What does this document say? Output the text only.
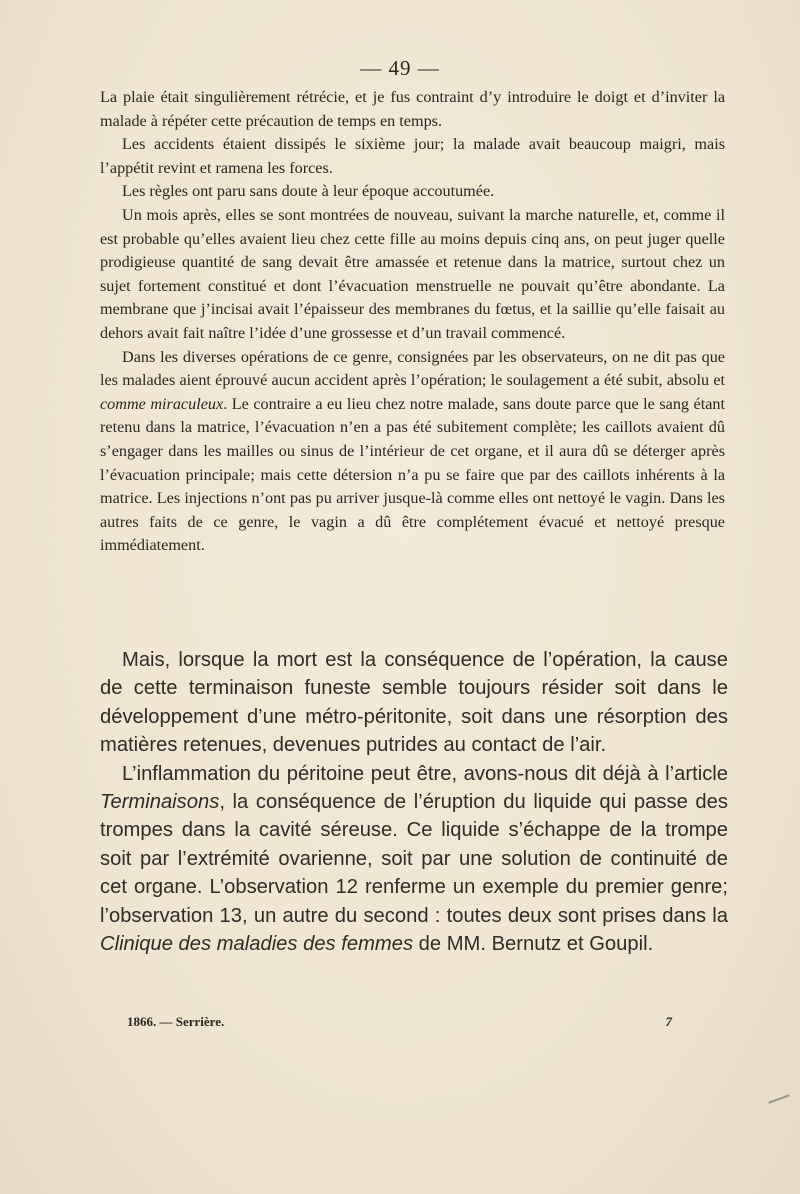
— 49 —

La plaie était singulièrement rétrécie, et je fus contraint d’y introduire le doigt et d’inviter la malade à répéter cette précaution de temps en temps.

Les accidents étaient dissipés le sixième jour; la malade avait beaucoup maigri, mais l’appétit revint et ramena les forces.

Les règles ont paru sans doute à leur époque accoutumée.

Un mois après, elles se sont montrées de nouveau, suivant la marche naturelle, et, comme il est probable qu’elles avaient lieu chez cette fille au moins depuis cinq ans, on peut juger quelle prodigieuse quantité de sang devait être amassée et retenue dans la matrice, surtout chez un sujet fortement constitué et dont l’évacuation menstruelle ne pouvait qu’être abondante. La membrane que j’incisai avait l’épaisseur des membranes du fœtus, et la saillie qu’elle faisait au dehors avait fait naître l’idée d’une grossesse et d’un travail commencé.

Dans les diverses opérations de ce genre, consignées par les observateurs, on ne dit pas que les malades aient éprouvé aucun accident après l’opération; le soulagement a été subit, absolu et comme miraculeux. Le contraire a eu lieu chez notre malade, sans doute parce que le sang étant retenu dans la matrice, l’évacuation n’en a pas été subitement complète; les caillots avaient dû s’engager dans les mailles ou sinus de l’intérieur de cet organe, et il aura dû se déterger après l’évacuation principale; mais cette détersion n’a pu se faire que par des caillots inhérents à la matrice. Les injections n’ont pas pu arriver jusque-là comme elles ont nettoyé le vagin. Dans les autres faits de ce genre, le vagin a dû être complétement évacué et nettoyé presque immédiatement.

Mais, lorsque la mort est la conséquence de l’opération, la cause de cette terminaison funeste semble toujours résider soit dans le développement d’une métro-péritonite, soit dans une résorption des matières retenues, devenues putrides au contact de l’air.

L’inflammation du péritoine peut être, avons-nous dit déjà à l’article Terminaisons, la conséquence de l’éruption du liquide qui passe des trompes dans la cavité séreuse. Ce liquide s’échappe de la trompe soit par l’extrémité ovarienne, soit par une solution de continuité de cet organe. L’observation 12 renferme un exemple du premier genre; l’observation 13, un autre du second : toutes deux sont prises dans la Clinique des maladies des femmes de MM. Bernutz et Goupil.

1866. — Serrière.	7
